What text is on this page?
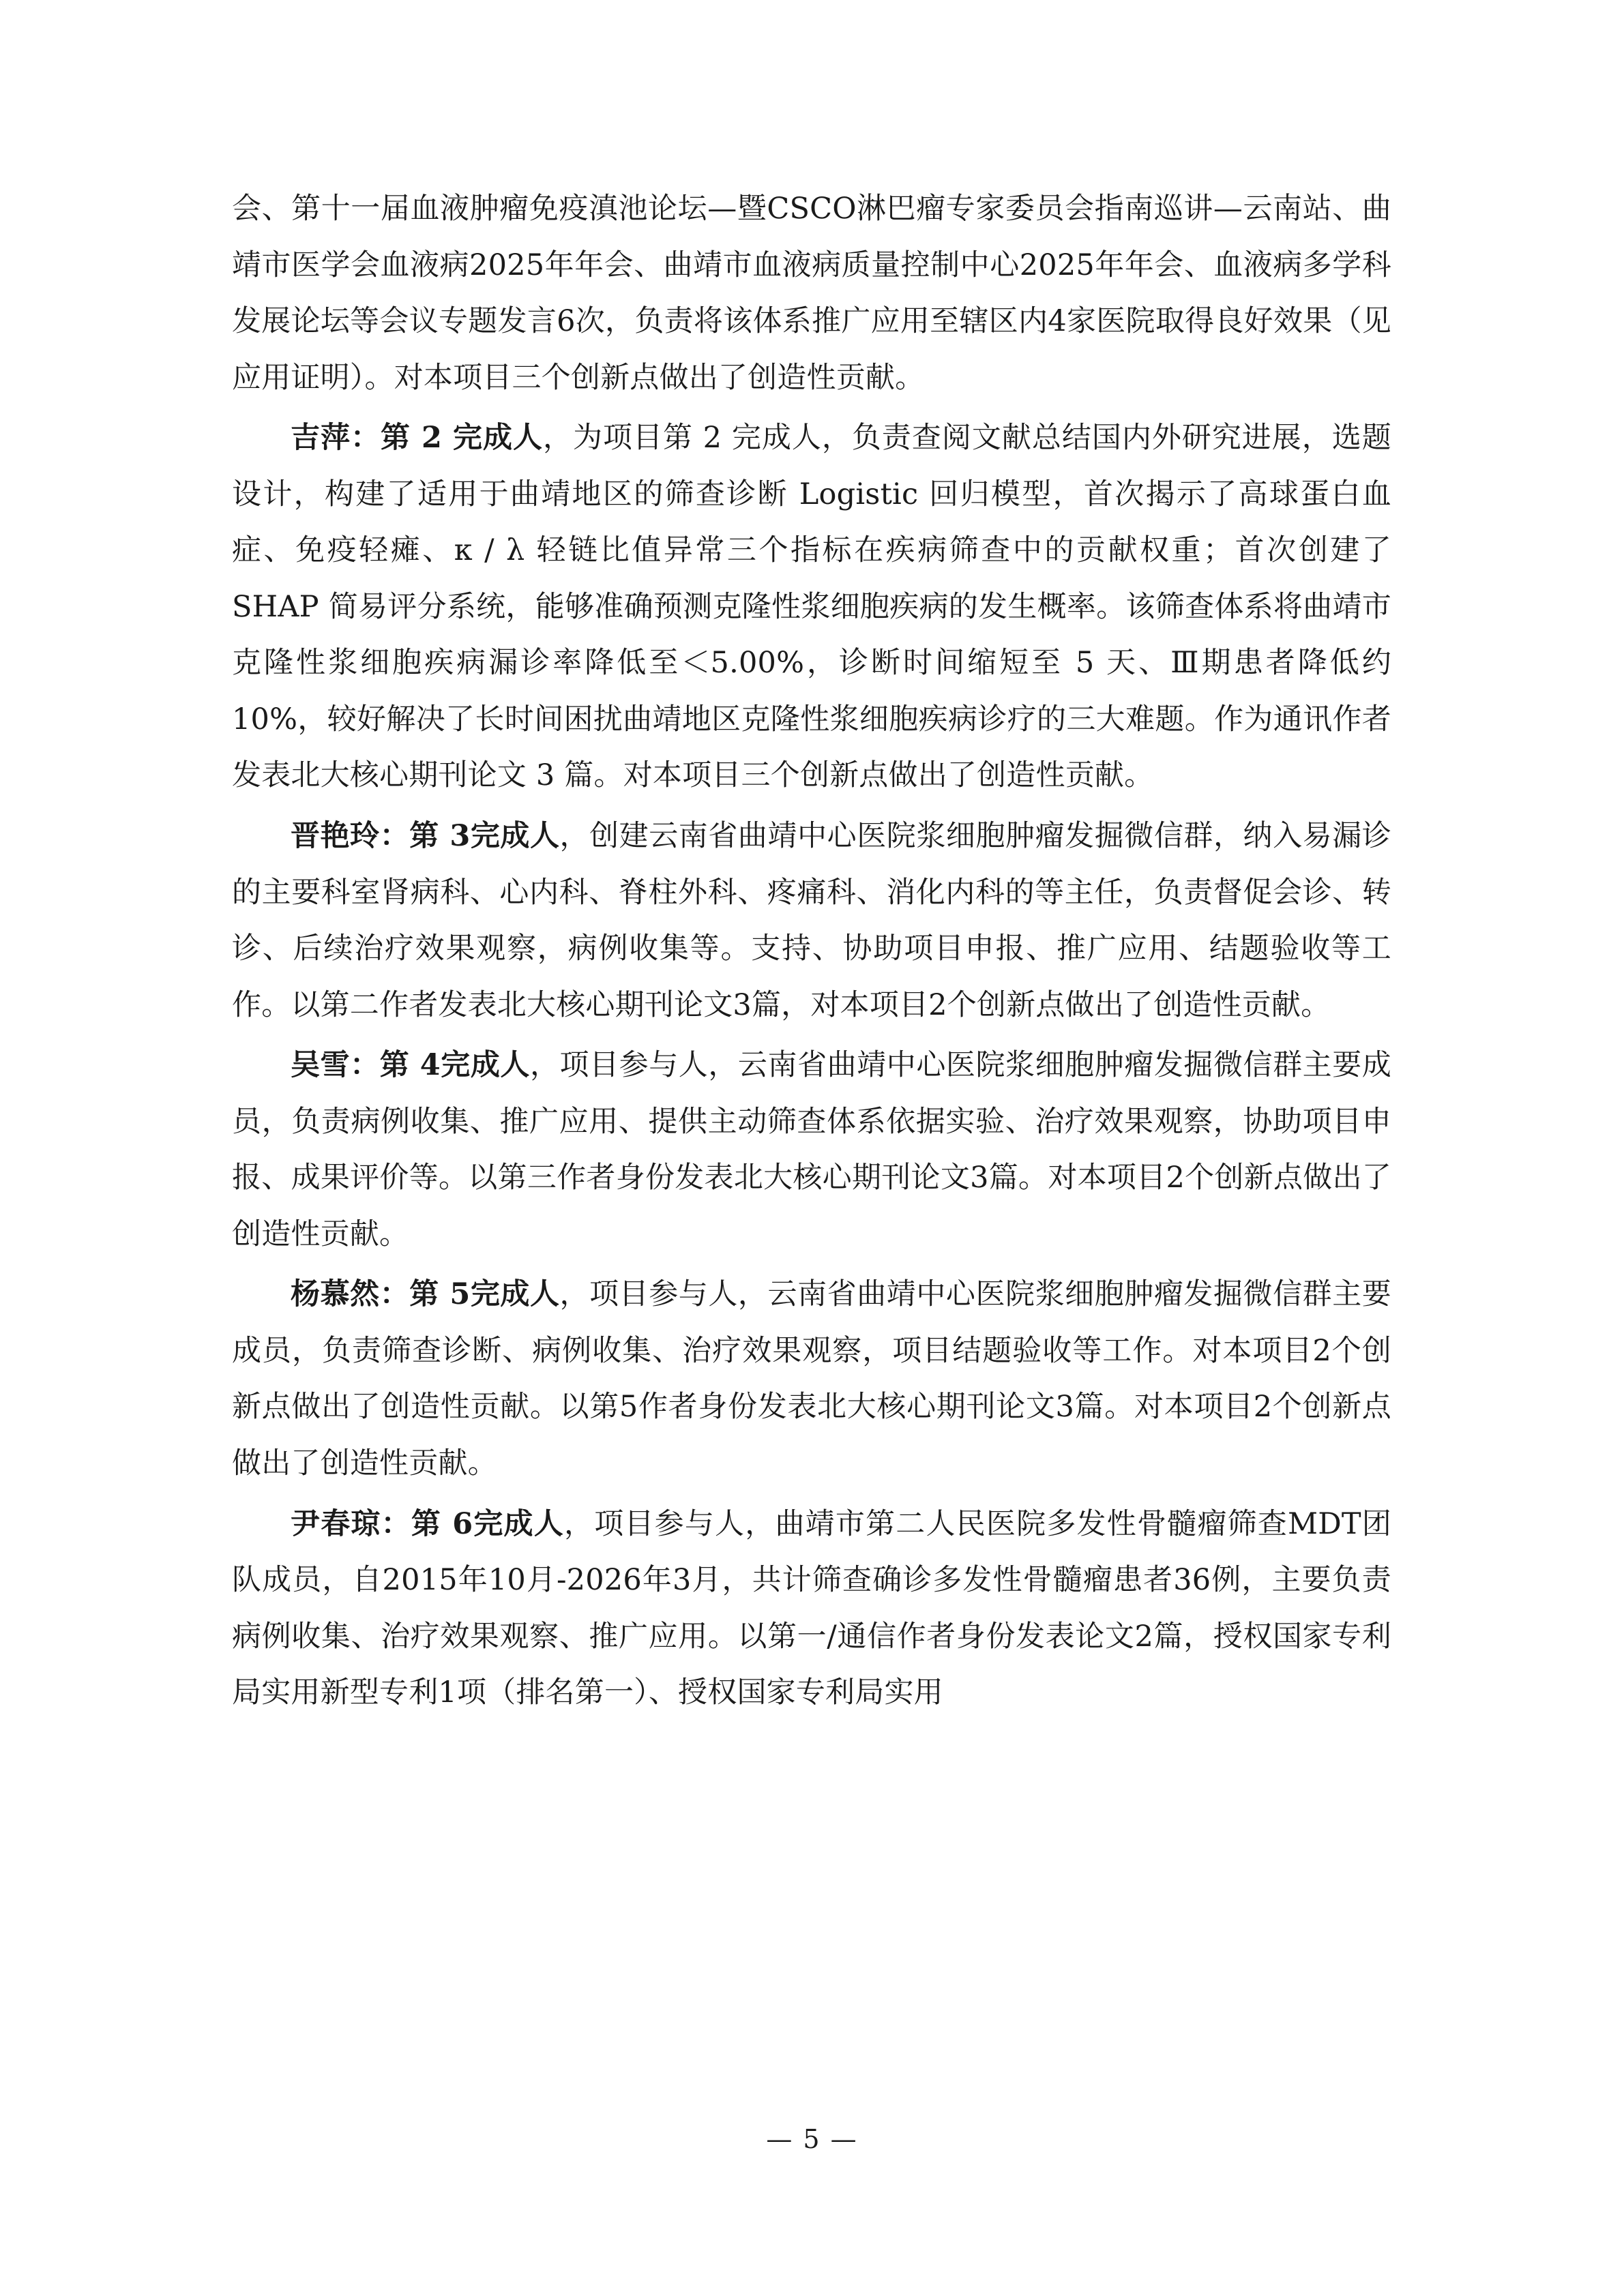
会、第十一届血液肿瘤免疫滇池论坛—暨CSCO淋巴瘤专家委员会指南巡讲—云南站、曲靖市医学会血液病2025年年会、曲靖市血液病质量控制中心2025年年会、血液病多学科发展论坛等会议专题发言6次，负责将该体系推广应用至辖区内4家医院取得良好效果（见应用证明）。对本项目三个创新点做出了创造性贡献。

吉萍：第 2 完成人，为项目第 2 完成人，负责查阅文献总结国内外研究进展，选题设计，构建了适用于曲靖地区的筛查诊断 Logistic 回归模型，首次揭示了高球蛋白血症、免疫轻瘫、κ / λ 轻链比值异常三个指标在疾病筛查中的贡献权重；首次创建了 SHAP 简易评分系统，能够准确预测克隆性浆细胞疾病的发生概率。该筛查体系将曲靖市克隆性浆细胞疾病漏诊率降低至＜5.00%，诊断时间缩短至 5 天、Ⅲ期患者降低约 10%，较好解决了长时间困扰曲靖地区克隆性浆细胞疾病诊疗的三大难题。作为通讯作者发表北大核心期刊论文 3 篇。对本项目三个创新点做出了创造性贡献。

晋艳玲：第 3完成人，创建云南省曲靖中心医院浆细胞肿瘤发掘微信群，纳入易漏诊的主要科室肾病科、心内科、脊柱外科、疼痛科、消化内科的等主任，负责督促会诊、转诊、后续治疗效果观察，病例收集等。支持、协助项目申报、推广应用、结题验收等工作。以第二作者发表北大核心期刊论文3篇，对本项目2个创新点做出了创造性贡献。

吴雪：第 4完成人，项目参与人，云南省曲靖中心医院浆细胞肿瘤发掘微信群主要成员，负责病例收集、推广应用、提供主动筛查体系依据实验、治疗效果观察，协助项目申报、成果评价等。以第三作者身份发表北大核心期刊论文3篇。对本项目2个创新点做出了创造性贡献。

杨慕然：第 5完成人，项目参与人，云南省曲靖中心医院浆细胞肿瘤发掘微信群主要成员，负责筛查诊断、病例收集、治疗效果观察，项目结题验收等工作。对本项目2个创新点做出了创造性贡献。以第5作者身份发表北大核心期刊论文3篇。对本项目2个创新点做出了创造性贡献。

尹春琼：第 6完成人，项目参与人，曲靖市第二人民医院多发性骨髓瘤筛查MDT团队成员，自2015年10月-2026年3月，共计筛查确诊多发性骨髓瘤患者36例，主要负责病例收集、治疗效果观察、推广应用。以第一/通信作者身份发表论文2篇，授权国家专利局实用新型专利1项（排名第一）、授权国家专利局实用

— 5 —
